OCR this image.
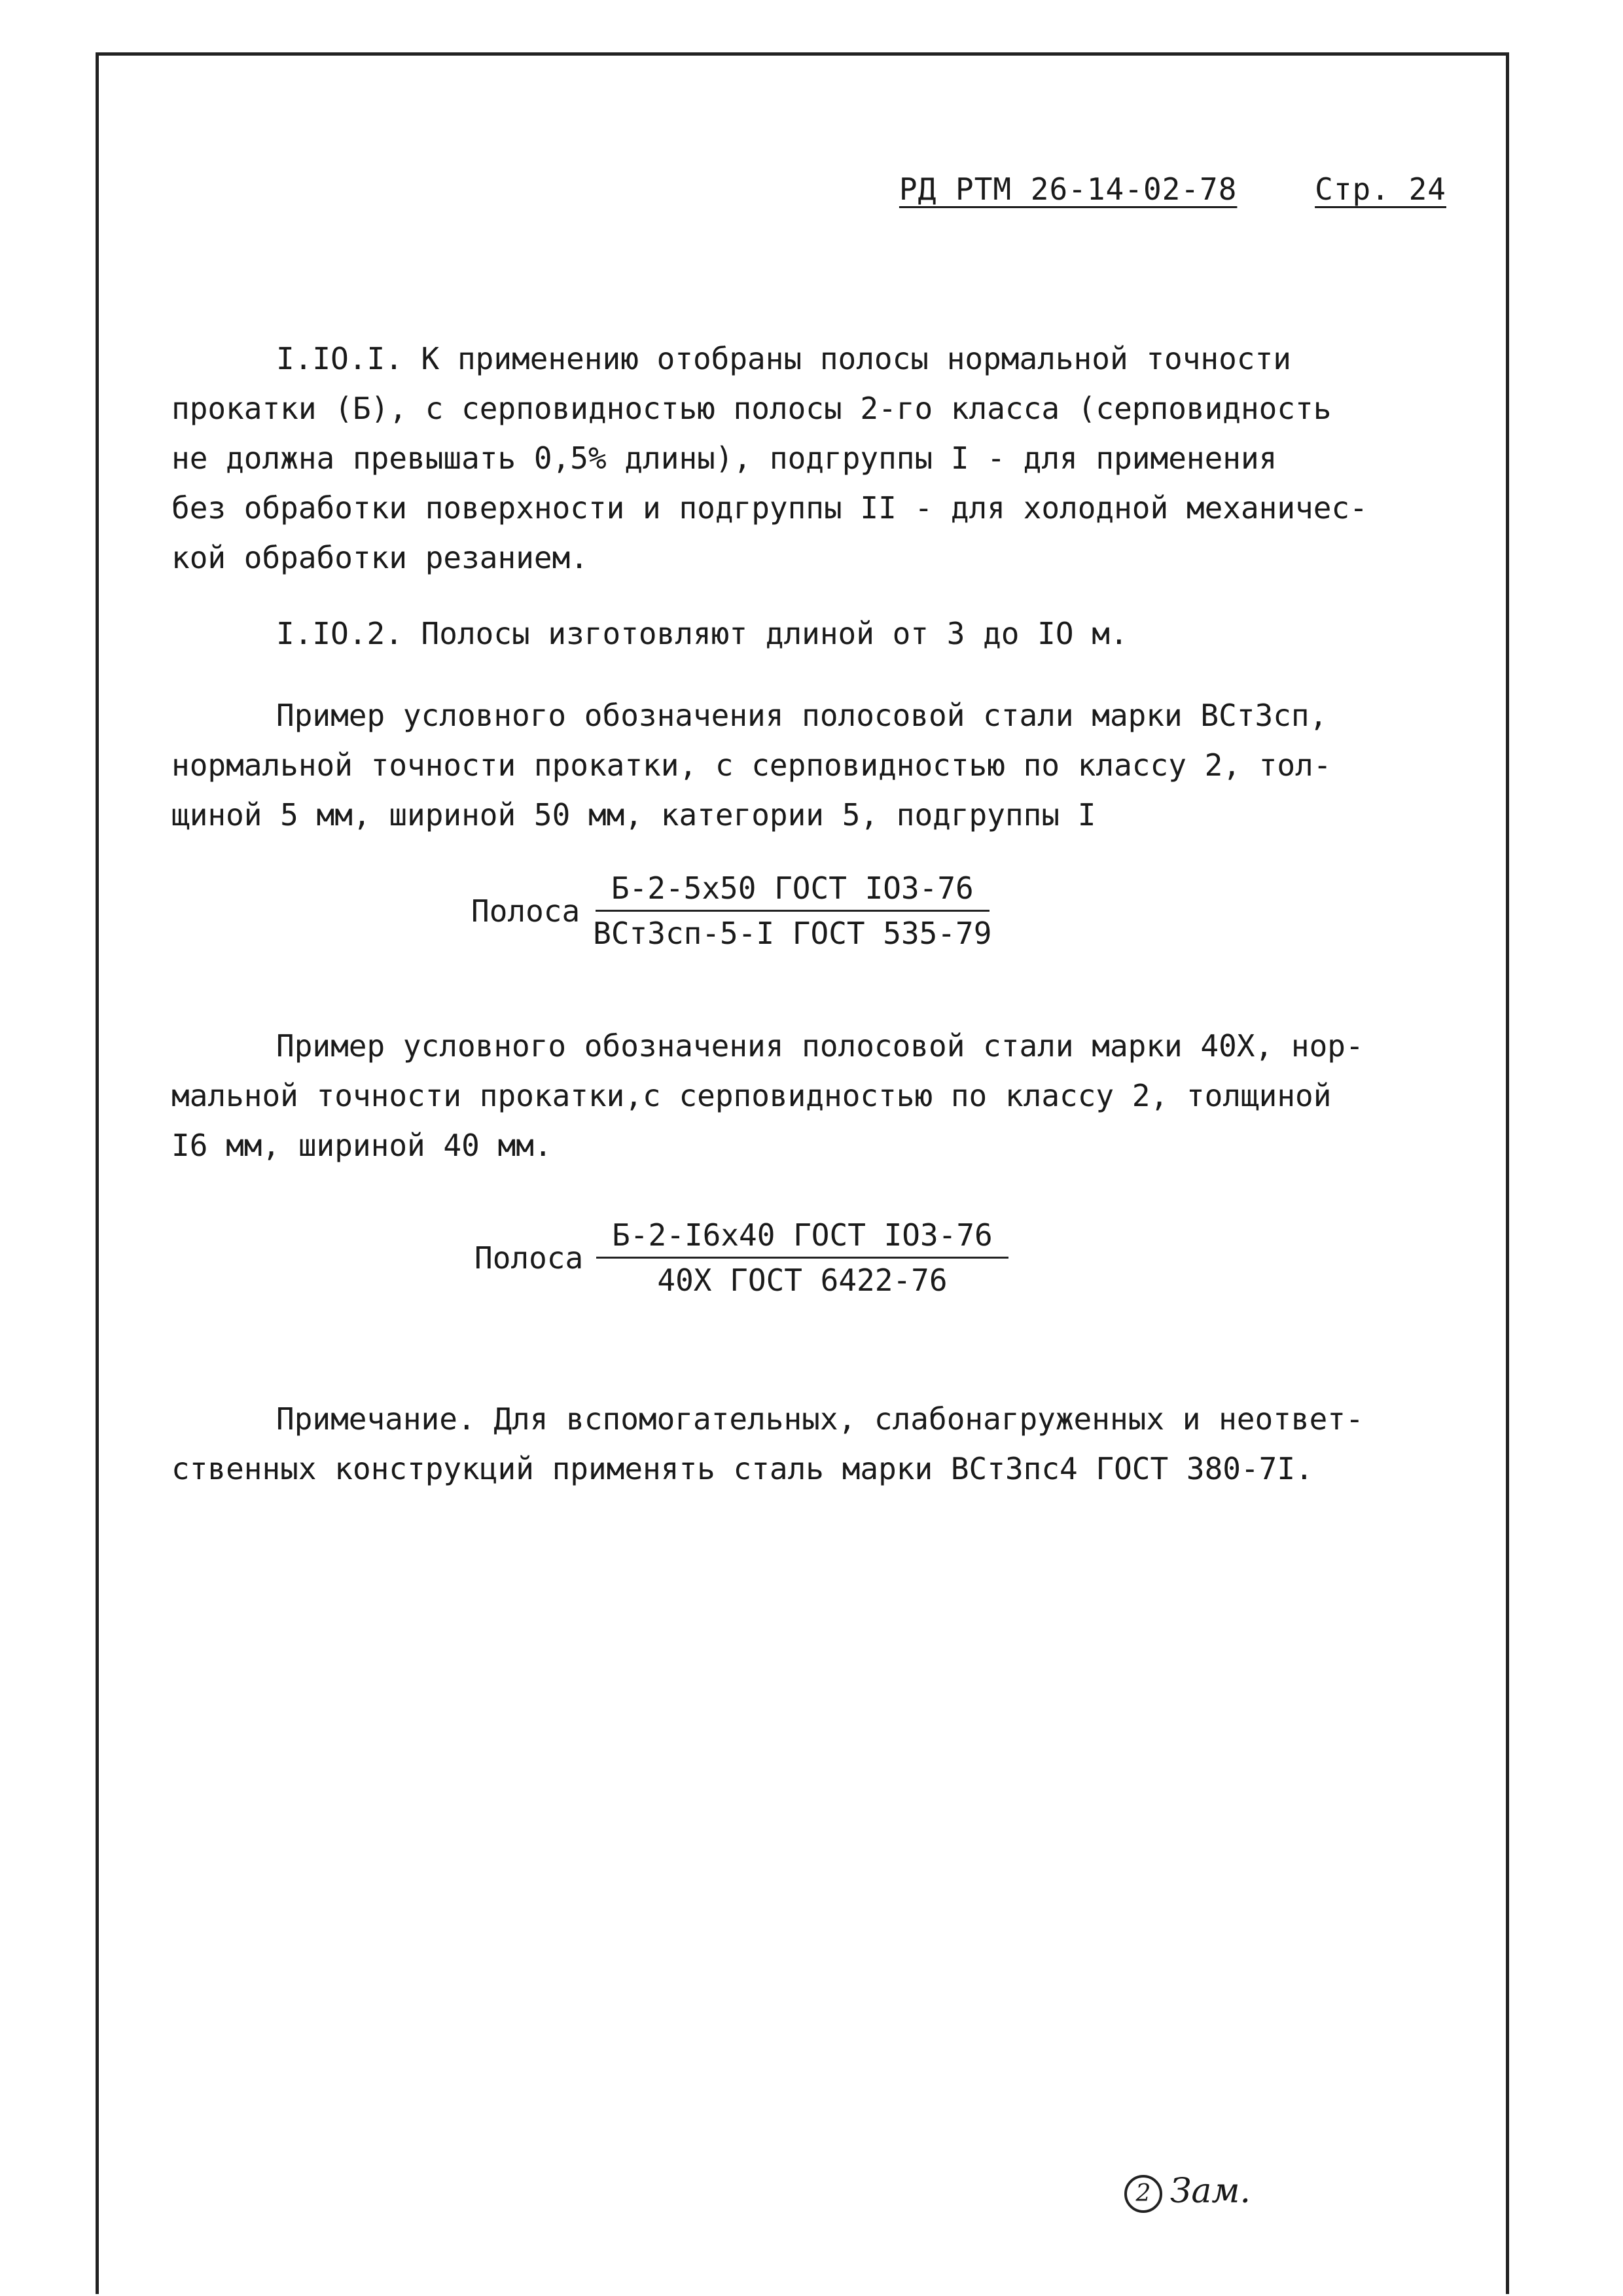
РД РТМ 26-14-02-78	Стр. 24
I.IO.I. К применению отобраны полосы нормальной точности
прокатки (Б), с серповидностью полосы 2-го класса (серповидность
не должна превышать 0,5% длины), подгруппы I - для применения
без обработки поверхности и подгруппы II - для холодной механичес-
кой обработки резанием.
I.IO.2. Полосы изготовляют длиной от 3 до IO м.
Пример условного обозначения полосовой стали марки ВСт3сп,
нормальной точности прокатки, с серповидностью по классу 2, тол-
щиной 5 мм, шириной 50 мм, категории 5, подгруппы I
Полоса $\frac{\text{Б-2-5х50 ГОСТ IO3-76}}{\text{ВСт3сп-5-I ГОСТ 535-79}}$
Пример условного обозначения полосовой стали марки 40Х, нор-
мальной точности прокатки,с серповидностью по классу 2, толщиной
I6 мм, шириной 40 мм.
Полоса $\frac{\text{Б-2-I6х40 ГОСТ IO3-76}}{\text{40Х ГОСТ 6422-76}}$
Примечание. Для вспомогательных, слабонагруженных и неответ-
ственных конструкций применять сталь марки ВСт3пс4 ГОСТ 380-7I.
2 Зам.
